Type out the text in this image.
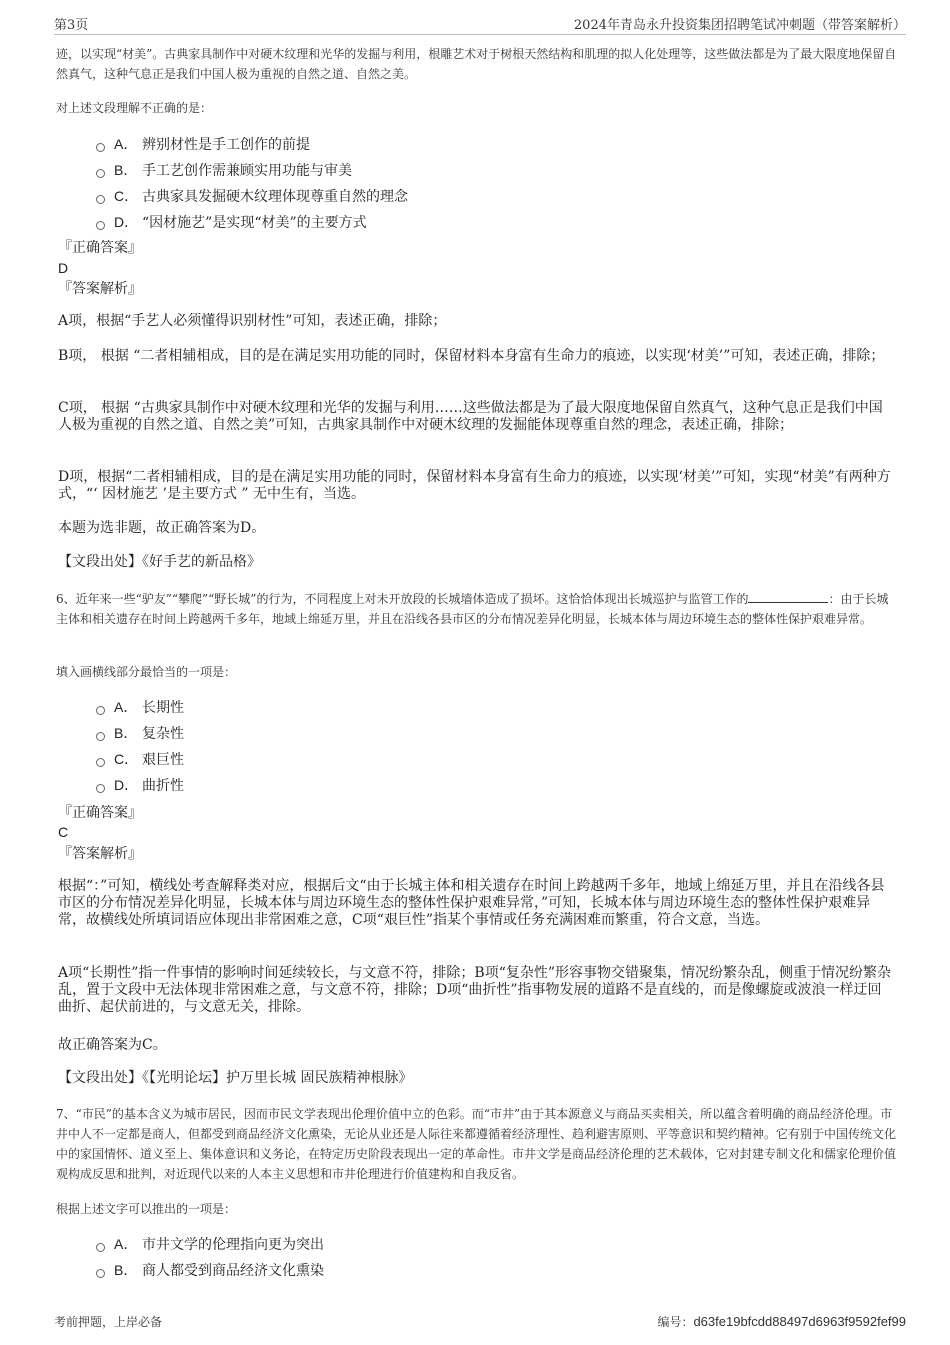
第3页	2024年青岛永升投资集团招聘笔试冲刺题（带答案解析）
迹，以实现“材美”。古典家具制作中对硬木纹理和光华的发掘与利用，根雕艺术对于树根天然结构和肌理的拟人化处理等，这些做法都是为了最大限度地保留自然真气，这种气息正是我们中国人极为重视的自然之道、自然之美。
对上述文段理解不正确的是：
A． 辨别材性是手工创作的前提
B． 手工艺创作需兼顾实用功能与审美
C． 古典家具发掘硬木纹理体现尊重自然的理念
D． “因材施艺”是实现“材美”的主要方式
『正确答案』
D
『答案解析』
A项，根据“手艺人必须懂得识别材性”可知，表述正确，排除；
B项， 根据 “二者相辅相成，目的是在满足实用功能的同时，保留材料本身富有生命力的痕迹，以实现‘材美’”可知，表述正确，排除；
C项， 根据 “古典家具制作中对硬木纹理和光华的发掘与利用……这些做法都是为了最大限度地保留自然真气，这种气息正是我们中国人极为重视的自然之道、自然之美”可知，古典家具制作中对硬木纹理的发掘能体现尊重自然的理念，表述正确，排除；
D项，根据“二者相辅相成，目的是在满足实用功能的同时，保留材料本身富有生命力的痕迹，以实现‘材美’”可知，实现“材美”有两种方式，“‘ 因材施艺 ’是主要方式 ” 无中生有，当选。
本题为选非题，故正确答案为D。
【文段出处】《好手艺的新品格》
6、近年来一些“驴友”“攀爬”“野长城”的行为，不同程度上对未开放段的长城墙体造成了损坏。这恰恰体现出长城巡护与监管工作的	：由于长城主体和相关遗存在时间上跨越两千多年，地域上绵延万里，并且在沿线各县市区的分布情况差异化明显，长城本体与周边环境生态的整体性保护艰难异常。
填入画横线部分最恰当的一项是：
A． 长期性
B． 复杂性
C． 艰巨性
D． 曲折性
『正确答案』
C
『答案解析』
根据“：”可知，横线处考查解释类对应，根据后文“由于长城主体和相关遗存在时间上跨越两千多年，地域上绵延万里，并且在沿线各县市区的分布情况差异化明显，长城本体与周边环境生态的整体性保护艰难异常，”可知，长城本体与周边环境生态的整体性保护艰难异常，故横线处所填词语应体现出非常困难之意，C项“艰巨性”指某个事情或任务充满困难而繁重，符合文意，当选。
A项“长期性”指一件事情的影响时间延续较长，与文意不符，排除；B项“复杂性”形容事物交错聚集，情况纷繁杂乱，侧重于情况纷繁杂乱，置于文段中无法体现非常困难之意，与文意不符，排除；D项“曲折性”指事物发展的道路不是直线的，而是像螺旋或波浪一样迂回曲折、起伏前进的，与文意无关，排除。
故正确答案为C。
【文段出处】《【光明论坛】护万里长城 固民族精神根脉》
7、“市民”的基本含义为城市居民，因而市民文学表现出伦理价值中立的色彩。而“市井”由于其本源意义与商品买卖相关，所以蕴含着明确的商品经济伦理。市井中人不一定都是商人，但都受到商品经济文化熏染，无论从业还是人际往来都遵循着经济理性、趋利避害原则、平等意识和契约精神。它有别于中国传统文化中的家国情怀、道义至上、集体意识和义务论，在特定历史阶段表现出一定的革命性。市井文学是商品经济伦理的艺术载体，它对封建专制文化和儒家伦理价值观构成反思和批判，对近现代以来的人本主义思想和市井伦理进行价值建构和自我反省。
根据上述文字可以推出的一项是：
A． 市井文学的伦理指向更为突出
B． 商人都受到商品经济文化熏染
考前押题，上岸必备	编号：d63fe19bfcdd88497d6963f9592fef99
